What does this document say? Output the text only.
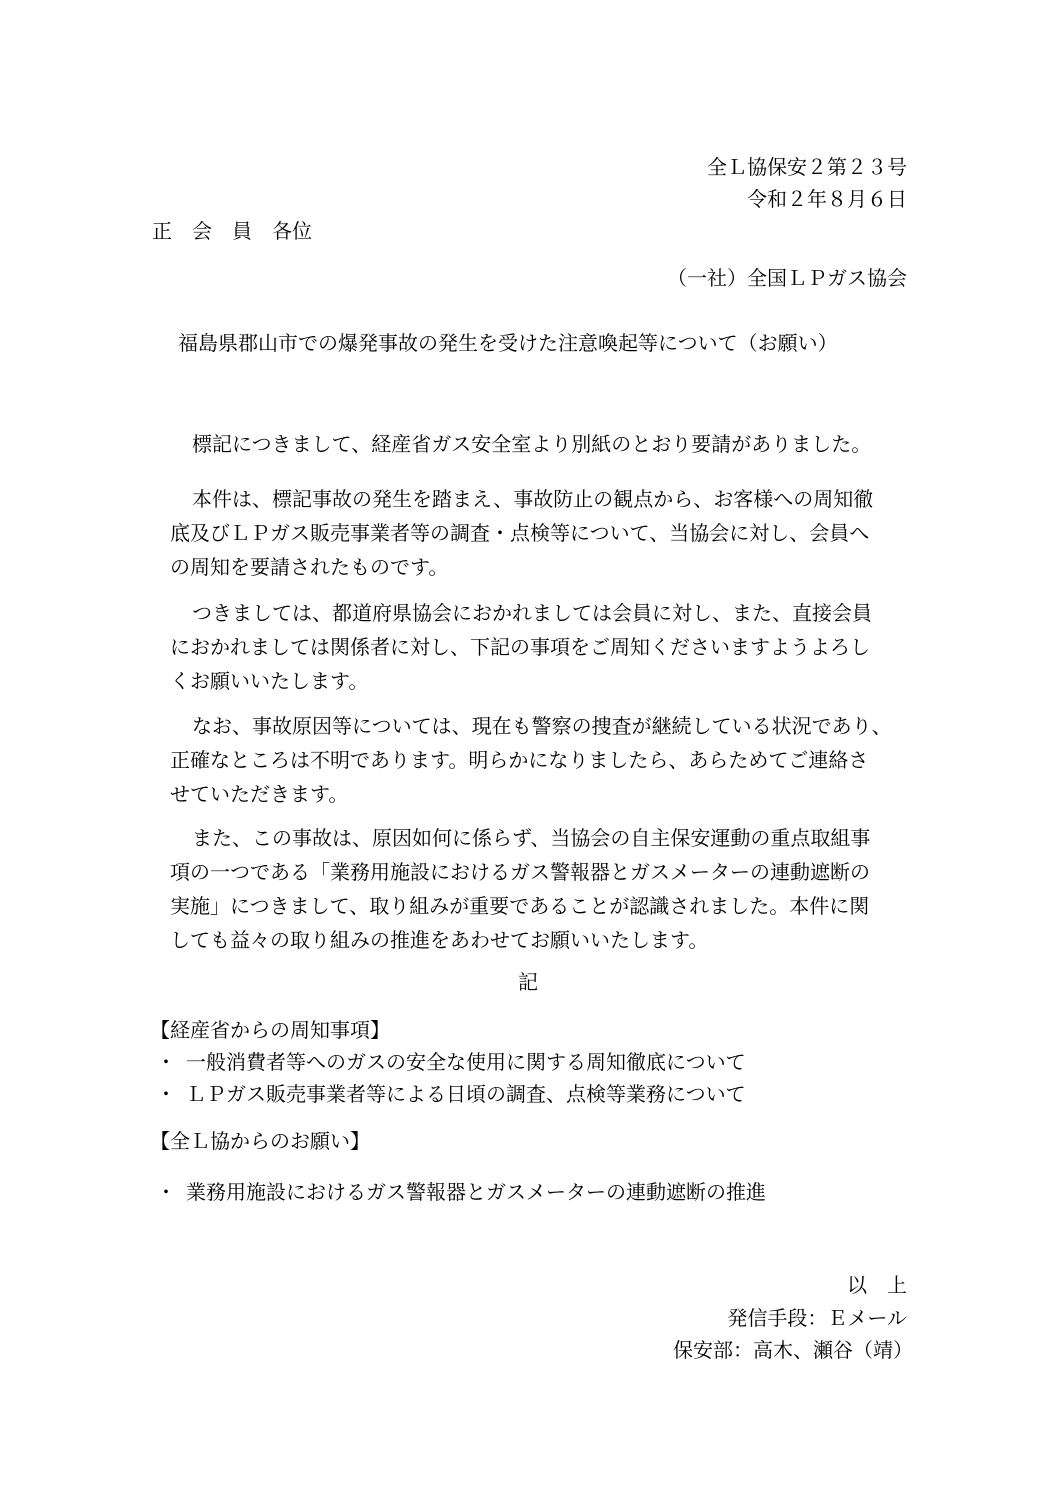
全Ｌ協保安２第２３号
令和２年８月６日
正　会　員　各位
（一社）全国ＬＰガス協会
福島県郡山市での爆発事故の発生を受けた注意喚起等について（お願い）
標記につきまして、経産省ガス安全室より別紙のとおり要請がありました。
本件は、標記事故の発生を踏まえ、事故防止の観点から、お客様への周知徹
底及びＬＰガス販売事業者等の調査・点検等について、当協会に対し、会員へ
の周知を要請されたものです。
つきましては、都道府県協会におかれましては会員に対し、また、直接会員
におかれましては関係者に対し、下記の事項をご周知くださいますようよろし
くお願いいたします。
なお、事故原因等については、現在も警察の捜査が継続している状況であり、
正確なところは不明であります。明らかになりましたら、あらためてご連絡さ
せていただきます。
また、この事故は、原因如何に係らず、当協会の自主保安運動の重点取組事
項の一つである「業務用施設におけるガス警報器とガスメーターの連動遮断の
実施」につきまして、取り組みが重要であることが認識されました。本件に関
しても益々の取り組みの推進をあわせてお願いいたします。
記
【経産省からの周知事項】
・ 一般消費者等へのガスの安全な使用に関する周知徹底について
・ ＬＰガス販売事業者等による日頃の調査、点検等業務について
【全Ｌ協からのお願い】
・ 業務用施設におけるガス警報器とガスメーターの連動遮断の推進
以　上
発信手段：Ｅメール
保安部：高木、瀬谷（靖）
